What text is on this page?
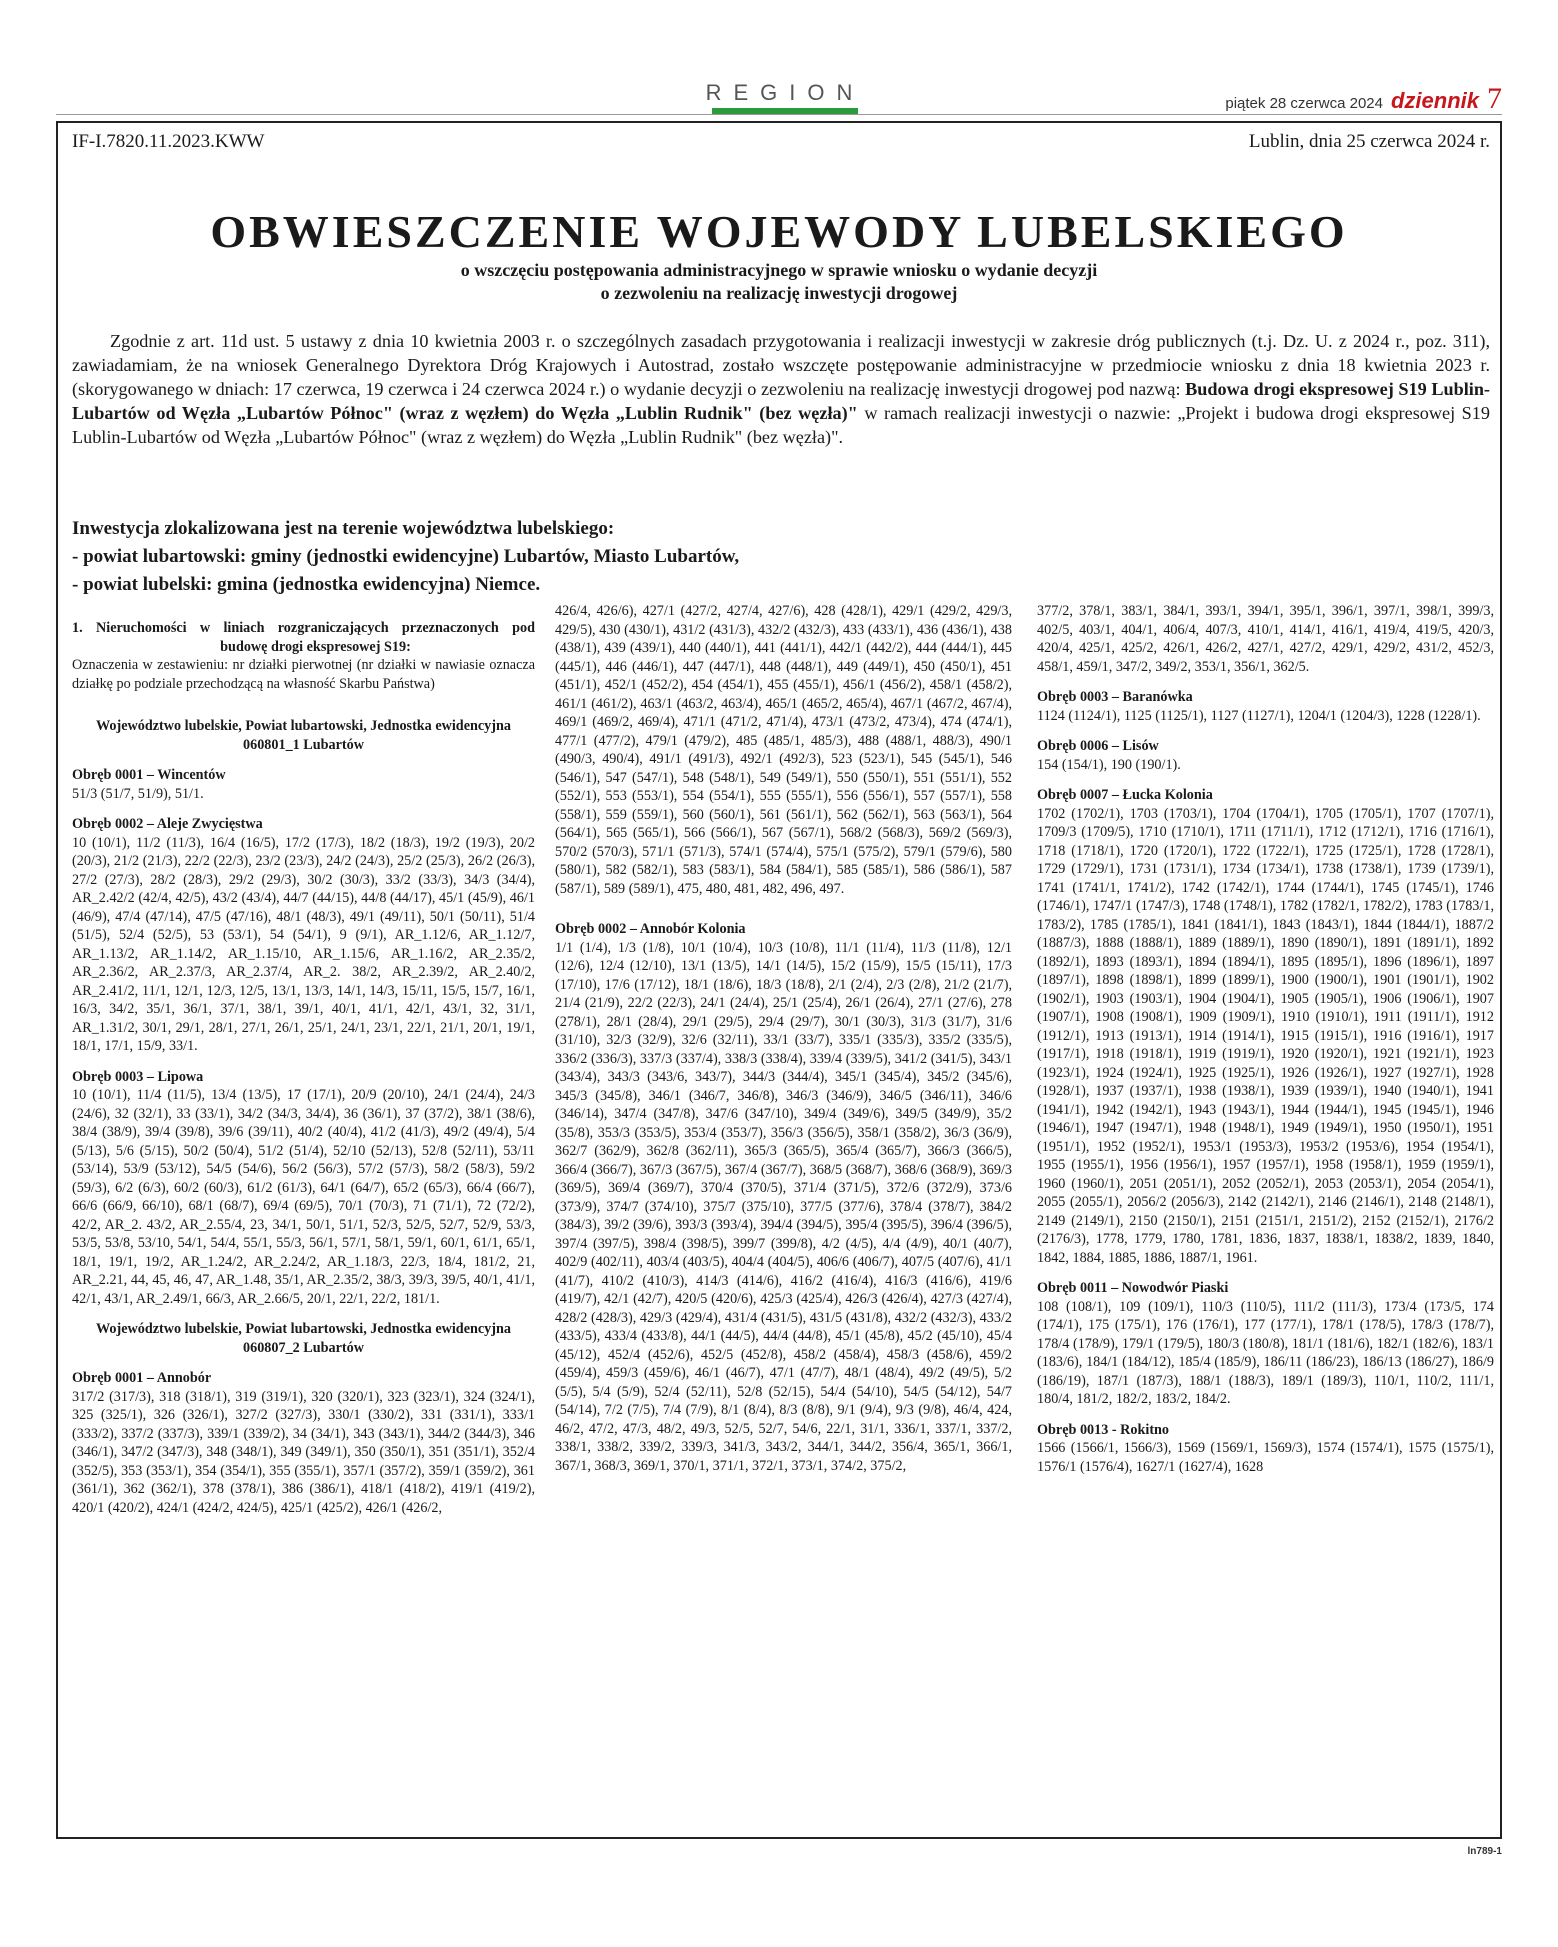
REGION	piątek 28 czerwca 2024 dziennik 7
IF-I.7820.11.2023.KWW	Lublin, dnia 25 czerwca 2024 r.
OBWIESZCZENIE WOJEWODY LUBELSKIEGO
o wszczęciu postępowania administracyjnego w sprawie wniosku o wydanie decyzji
o zezwoleniu na realizację inwestycji drogowej
Zgodnie z art. 11d ust. 5 ustawy z dnia 10 kwietnia 2003 r. o szczególnych zasadach przygotowania i realizacji inwestycji w zakresie dróg publicznych (t.j. Dz. U. z 2024 r., poz. 311), zawiadamiam, że na wniosek Generalnego Dyrektora Dróg Krajowych i Autostrad, zostało wszczęte postępowanie administracyjne w przedmiocie wniosku z dnia 18 kwietnia 2023 r. (skorygowanego w dniach: 17 czerwca, 19 czerwca i 24 czerwca 2024 r.) o wydanie decyzji o zezwoleniu na realizację inwestycji drogowej pod nazwą: Budowa drogi ekspresowej S19 Lublin-Lubartów od Węzła „Lubartów Północ" (wraz z węzłem) do Węzła „Lublin Rudnik" (bez węzła)" w ramach realizacji inwestycji o nazwie: „Projekt i budowa drogi ekspresowej S19 Lublin-Lubartów od Węzła „Lubartów Północ" (wraz z węzłem) do Węzła „Lublin Rudnik" (bez węzła)".
Inwestycja zlokalizowana jest na terenie województwa lubelskiego:
- powiat lubartowski: gminy (jednostki ewidencyjne) Lubartów, Miasto Lubartów,
- powiat lubelski: gmina (jednostka ewidencyjna) Niemce.
1. Nieruchomości w liniach rozgraniczających przeznaczonych pod budowę drogi ekspresowej S19:
Oznaczenia w zestawieniu: nr działki pierwotnej (nr działki w nawiasie oznacza działkę po podziale przechodzącą na własność Skarbu Państwa)
Województwo lubelskie, Powiat lubartowski, Jednostka ewidencyjna 060801_1 Lubartów
Obręb 0001 – Wincentów
51/3 (51/7, 51/9), 51/1.
Obręb 0002 – Aleje Zwycięstwa
10 (10/1), 11/2 (11/3), 16/4 (16/5), 17/2 (17/3), 18/2 (18/3), 19/2 (19/3), 20/2 (20/3), 21/2 (21/3), 22/2 (22/3), 23/2 (23/3), 24/2 (24/3), 25/2 (25/3), 26/2 (26/3), 27/2 (27/3), 28/2 (28/3), 29/2 (29/3), 30/2 (30/3), 33/2 (33/3), 34/3 (34/4), AR_2.42/2 (42/4, 42/5), 43/2 (43/4), 44/7 (44/15), 44/8 (44/17), 45/1 (45/9), 46/1 (46/9), 47/4 (47/14), 47/5 (47/16), 48/1 (48/3), 49/1 (49/11), 50/1 (50/11), 51/4 (51/5), 52/4 (52/5), 53 (53/1), 54 (54/1), 9 (9/1), AR_1.12/6, AR_1.12/7, AR_1.13/2, AR_1.14/2, AR_1.15/10, AR_1.15/6, AR_1.16/2, AR_2.35/2, AR_2.36/2, AR_2.37/3, AR_2.37/4, AR_2. 38/2, AR_2.39/2, AR_2.40/2, AR_2.41/2, 11/1, 12/1, 12/3, 12/5, 13/1, 13/3, 14/1, 14/3, 15/11, 15/5, 15/7, 16/1, 16/3, 34/2, 35/1, 36/1, 37/1, 38/1, 39/1, 40/1, 41/1, 42/1, 43/1, 32, 31/1, AR_1.31/2, 30/1, 29/1, 28/1, 27/1, 26/1, 25/1, 24/1, 23/1, 22/1, 21/1, 20/1, 19/1, 18/1, 17/1, 15/9, 33/1.
Obręb 0003 – Lipowa
10 (10/1), 11/4 (11/5), 13/4 (13/5), 17 (17/1), 20/9 (20/10), 24/1 (24/4), 24/3 (24/6), 32 (32/1), 33 (33/1), 34/2 (34/3, 34/4), 36 (36/1), 37 (37/2), 38/1 (38/6), 38/4 (38/9), 39/4 (39/8), 39/6 (39/11), 40/2 (40/4), 41/2 (41/3), 49/2 (49/4), 5/4 (5/13), 5/6 (5/15), 50/2 (50/4), 51/2 (51/4), 52/10 (52/13), 52/8 (52/11), 53/11 (53/14), 53/9 (53/12), 54/5 (54/6), 56/2 (56/3), 57/2 (57/3), 58/2 (58/3), 59/2 (59/3), 6/2 (6/3), 60/2 (60/3), 61/2 (61/3), 64/1 (64/7), 65/2 (65/3), 66/4 (66/7), 66/6 (66/9, 66/10), 68/1 (68/7), 69/4 (69/5), 70/1 (70/3), 71 (71/1), 72 (72/2), 42/2, AR_2. 43/2, AR_2.55/4, 23, 34/1, 50/1, 51/1, 52/3, 52/5, 52/7, 52/9, 53/3, 53/5, 53/8, 53/10, 54/1, 54/4, 55/1, 55/3, 56/1, 57/1, 58/1, 59/1, 60/1, 61/1, 65/1, 18/1, 19/1, 19/2, AR_1.24/2, AR_2.24/2, AR_1.18/3, 22/3, 18/4, 181/2, 21, AR_2.21, 44, 45, 46, 47, AR_1.48, 35/1, AR_2.35/2, 38/3, 39/3, 39/5, 40/1, 41/1, 42/1, 43/1, AR_2.49/1, 66/3, AR_2.66/5, 20/1, 22/1, 22/2, 181/1.
Województwo lubelskie, Powiat lubartowski, Jednostka ewidencyjna 060807_2 Lubartów
Obręb 0001 – Annobór
317/2 (317/3), 318 (318/1), 319 (319/1), 320 (320/1), 323 (323/1), 324 (324/1), 325 (325/1), 326 (326/1), 327/2 (327/3), 330/1 (330/2), 331 (331/1), 333/1 (333/2), 337/2 (337/3), 339/1 (339/2), 34 (34/1), 343 (343/1), 344/2 (344/3), 346 (346/1), 347/2 (347/3), 348 (348/1), 349 (349/1), 350 (350/1), 351 (351/1), 352/4 (352/5), 353 (353/1), 354 (354/1), 355 (355/1), 357/1 (357/2), 359/1 (359/2), 361 (361/1), 362 (362/1), 378 (378/1), 386 (386/1), 418/1 (418/2), 419/1 (419/2), 420/1 (420/2), 424/1 (424/2, 424/5), 425/1 (425/2), 426/1 (426/2,
426/4, 426/6), 427/1 (427/2, 427/4, 427/6), 428 (428/1), 429/1 (429/2, 429/3, 429/5), 430 (430/1), 431/2 (431/3), 432/2 (432/3), 433 (433/1), 436 (436/1), 438 (438/1), 439 (439/1), 440 (440/1), 441 (441/1), 442/1 (442/2), 444 (444/1), 445 (445/1), 446 (446/1), 447 (447/1), 448 (448/1), 449 (449/1), 450 (450/1), 451 (451/1), 452/1 (452/2), 454 (454/1), 455 (455/1), 456/1 (456/2), 458/1 (458/2), 461/1 (461/2), 463/1 (463/2, 463/4), 465/1 (465/2, 465/4), 467/1 (467/2, 467/4), 469/1 (469/2, 469/4), 471/1 (471/2, 471/4), 473/1 (473/2, 473/4), 474 (474/1), 477/1 (477/2), 479/1 (479/2), 485 (485/1, 485/3), 488 (488/1, 488/3), 490/1 (490/3, 490/4), 491/1 (491/3), 492/1 (492/3), 523 (523/1), 545 (545/1), 546 (546/1), 547 (547/1), 548 (548/1), 549 (549/1), 550 (550/1), 551 (551/1), 552 (552/1), 553 (553/1), 554 (554/1), 555 (555/1), 556 (556/1), 557 (557/1), 558 (558/1), 559 (559/1), 560 (560/1), 561 (561/1), 562 (562/1), 563 (563/1), 564 (564/1), 565 (565/1), 566 (566/1), 567 (567/1), 568/2 (568/3), 569/2 (569/3), 570/2 (570/3), 571/1 (571/3), 574/1 (574/4), 575/1 (575/2), 579/1 (579/6), 580 (580/1), 582 (582/1), 583 (583/1), 584 (584/1), 585 (585/1), 586 (586/1), 587 (587/1), 589 (589/1), 475, 480, 481, 482, 496, 497.
Obręb 0002 – Annobór Kolonia
1/1 (1/4), 1/3 (1/8), 10/1 (10/4), 10/3 (10/8), 11/1 (11/4), 11/3 (11/8), 12/1 (12/6), 12/4 (12/10), 13/1 (13/5), 14/1 (14/5), 15/2 (15/9), 15/5 (15/11), 17/3 (17/10), 17/6 (17/12), 18/1 (18/6), 18/3 (18/8), 2/1 (2/4), 2/3 (2/8), 21/2 (21/7), 21/4 (21/9), 22/2 (22/3), 24/1 (24/4), 25/1 (25/4), 26/1 (26/4), 27/1 (27/6), 278 (278/1), 28/1 (28/4), 29/1 (29/5), 29/4 (29/7), 30/1 (30/3), 31/3 (31/7), 31/6 (31/10), 32/3 (32/9), 32/6 (32/11), 33/1 (33/7), 335/1 (335/3), 335/2 (335/5), 336/2 (336/3), 337/3 (337/4), 338/3 (338/4), 339/4 (339/5), 341/2 (341/5), 343/1 (343/4), 343/3 (343/6, 343/7), 344/3 (344/4), 345/1 (345/4), 345/2 (345/6), 345/3 (345/8), 346/1 (346/7, 346/8), 346/3 (346/9), 346/5 (346/11), 346/6 (346/14), 347/4 (347/8), 347/6 (347/10), 349/4 (349/6), 349/5 (349/9), 35/2 (35/8), 353/3 (353/5), 353/4 (353/7), 356/3 (356/5), 358/1 (358/2), 36/3 (36/9), 362/7 (362/9), 362/8 (362/11), 365/3 (365/5), 365/4 (365/7), 366/3 (366/5), 366/4 (366/7), 367/3 (367/5), 367/4 (367/7), 368/5 (368/7), 368/6 (368/9), 369/3 (369/5), 369/4 (369/7), 370/4 (370/5), 371/4 (371/5), 372/6 (372/9), 373/6 (373/9), 374/7 (374/10), 375/7 (375/10), 377/5 (377/6), 378/4 (378/7), 384/2 (384/3), 39/2 (39/6), 393/3 (393/4), 394/4 (394/5), 395/4 (395/5), 396/4 (396/5), 397/4 (397/5), 398/4 (398/5), 399/7 (399/8), 4/2 (4/5), 4/4 (4/9), 40/1 (40/7), 402/9 (402/11), 403/4 (403/5), 404/4 (404/5), 406/6 (406/7), 407/5 (407/6), 41/1 (41/7), 410/2 (410/3), 414/3 (414/6), 416/2 (416/4), 416/3 (416/6), 419/6 (419/7), 42/1 (42/7), 420/5 (420/6), 425/3 (425/4), 426/3 (426/4), 427/3 (427/4), 428/2 (428/3), 429/3 (429/4), 431/4 (431/5), 431/5 (431/8), 432/2 (432/3), 433/2 (433/5), 433/4 (433/8), 44/1 (44/5), 44/4 (44/8), 45/1 (45/8), 45/2 (45/10), 45/4 (45/12), 452/4 (452/6), 452/5 (452/8), 458/2 (458/4), 458/3 (458/6), 459/2 (459/4), 459/3 (459/6), 46/1 (46/7), 47/1 (47/7), 48/1 (48/4), 49/2 (49/5), 5/2 (5/5), 5/4 (5/9), 52/4 (52/11), 52/8 (52/15), 54/4 (54/10), 54/5 (54/12), 54/7 (54/14), 7/2 (7/5), 7/4 (7/9), 8/1 (8/4), 8/3 (8/8), 9/1 (9/4), 9/3 (9/8), 46/4, 424, 46/2, 47/2, 47/3, 48/2, 49/3, 52/5, 52/7, 54/6, 22/1, 31/1, 336/1, 337/1, 337/2, 338/1, 338/2, 339/2, 339/3, 341/3, 343/2, 344/1, 344/2, 356/4, 365/1, 366/1, 367/1, 368/3, 369/1, 370/1, 371/1, 372/1, 373/1, 374/2, 375/2,
377/2, 378/1, 383/1, 384/1, 393/1, 394/1, 395/1, 396/1, 397/1, 398/1, 399/3, 402/5, 403/1, 404/1, 406/4, 407/3, 410/1, 414/1, 416/1, 419/4, 419/5, 420/3, 420/4, 425/1, 425/2, 426/1, 426/2, 427/1, 427/2, 429/1, 429/2, 431/2, 452/3, 458/1, 459/1, 347/2, 349/2, 353/1, 356/1, 362/5.
Obręb 0003 – Baranówka
1124 (1124/1), 1125 (1125/1), 1127 (1127/1), 1204/1 (1204/3), 1228 (1228/1).
Obręb 0006 – Lisów
154 (154/1), 190 (190/1).
Obręb 0007 – Łucka Kolonia
1702 (1702/1), 1703 (1703/1), 1704 (1704/1), 1705 (1705/1), 1707 (1707/1), 1709/3 (1709/5), 1710 (1710/1), 1711 (1711/1), 1712 (1712/1), 1716 (1716/1), 1718 (1718/1), 1720 (1720/1), 1722 (1722/1), 1725 (1725/1), 1728 (1728/1), 1729 (1729/1), 1731 (1731/1), 1734 (1734/1), 1738 (1738/1), 1739 (1739/1), 1741 (1741/1, 1741/2), 1742 (1742/1), 1744 (1744/1), 1745 (1745/1), 1746 (1746/1), 1747/1 (1747/3), 1748 (1748/1), 1782 (1782/1, 1782/2), 1783 (1783/1, 1783/2), 1785 (1785/1), 1841 (1841/1), 1843 (1843/1), 1844 (1844/1), 1887/2 (1887/3), 1888 (1888/1), 1889 (1889/1), 1890 (1890/1), 1891 (1891/1), 1892 (1892/1), 1893 (1893/1), 1894 (1894/1), 1895 (1895/1), 1896 (1896/1), 1897 (1897/1), 1898 (1898/1), 1899 (1899/1), 1900 (1900/1), 1901 (1901/1), 1902 (1902/1), 1903 (1903/1), 1904 (1904/1), 1905 (1905/1), 1906 (1906/1), 1907 (1907/1), 1908 (1908/1), 1909 (1909/1), 1910 (1910/1), 1911 (1911/1), 1912 (1912/1), 1913 (1913/1), 1914 (1914/1), 1915 (1915/1), 1916 (1916/1), 1917 (1917/1), 1918 (1918/1), 1919 (1919/1), 1920 (1920/1), 1921 (1921/1), 1923 (1923/1), 1924 (1924/1), 1925 (1925/1), 1926 (1926/1), 1927 (1927/1), 1928 (1928/1), 1937 (1937/1), 1938 (1938/1), 1939 (1939/1), 1940 (1940/1), 1941 (1941/1), 1942 (1942/1), 1943 (1943/1), 1944 (1944/1), 1945 (1945/1), 1946 (1946/1), 1947 (1947/1), 1948 (1948/1), 1949 (1949/1), 1950 (1950/1), 1951 (1951/1), 1952 (1952/1), 1953/1 (1953/3), 1953/2 (1953/6), 1954 (1954/1), 1955 (1955/1), 1956 (1956/1), 1957 (1957/1), 1958 (1958/1), 1959 (1959/1), 1960 (1960/1), 2051 (2051/1), 2052 (2052/1), 2053 (2053/1), 2054 (2054/1), 2055 (2055/1), 2056/2 (2056/3), 2142 (2142/1), 2146 (2146/1), 2148 (2148/1), 2149 (2149/1), 2150 (2150/1), 2151 (2151/1, 2151/2), 2152 (2152/1), 2176/2 (2176/3), 1778, 1779, 1780, 1781, 1836, 1837, 1838/1, 1838/2, 1839, 1840, 1842, 1884, 1885, 1886, 1887/1, 1961.
Obręb 0011 – Nowodwór Piaski
108 (108/1), 109 (109/1), 110/3 (110/5), 111/2 (111/3), 173/4 (173/5, 174 (174/1), 175 (175/1), 176 (176/1), 177 (177/1), 178/1 (178/5), 178/3 (178/7), 178/4 (178/9), 179/1 (179/5), 180/3 (180/8), 181/1 (181/6), 182/1 (182/6), 183/1 (183/6), 184/1 (184/12), 185/4 (185/9), 186/11 (186/23), 186/13 (186/27), 186/9 (186/19), 187/1 (187/3), 188/1 (188/3), 189/1 (189/3), 110/1, 110/2, 111/1, 180/4, 181/2, 182/2, 183/2, 184/2.
Obręb 0013 - Rokitno
1566 (1566/1, 1566/3), 1569 (1569/1, 1569/3), 1574 (1574/1), 1575 (1575/1), 1576/1 (1576/4), 1627/1 (1627/4), 1628
ln789-1
